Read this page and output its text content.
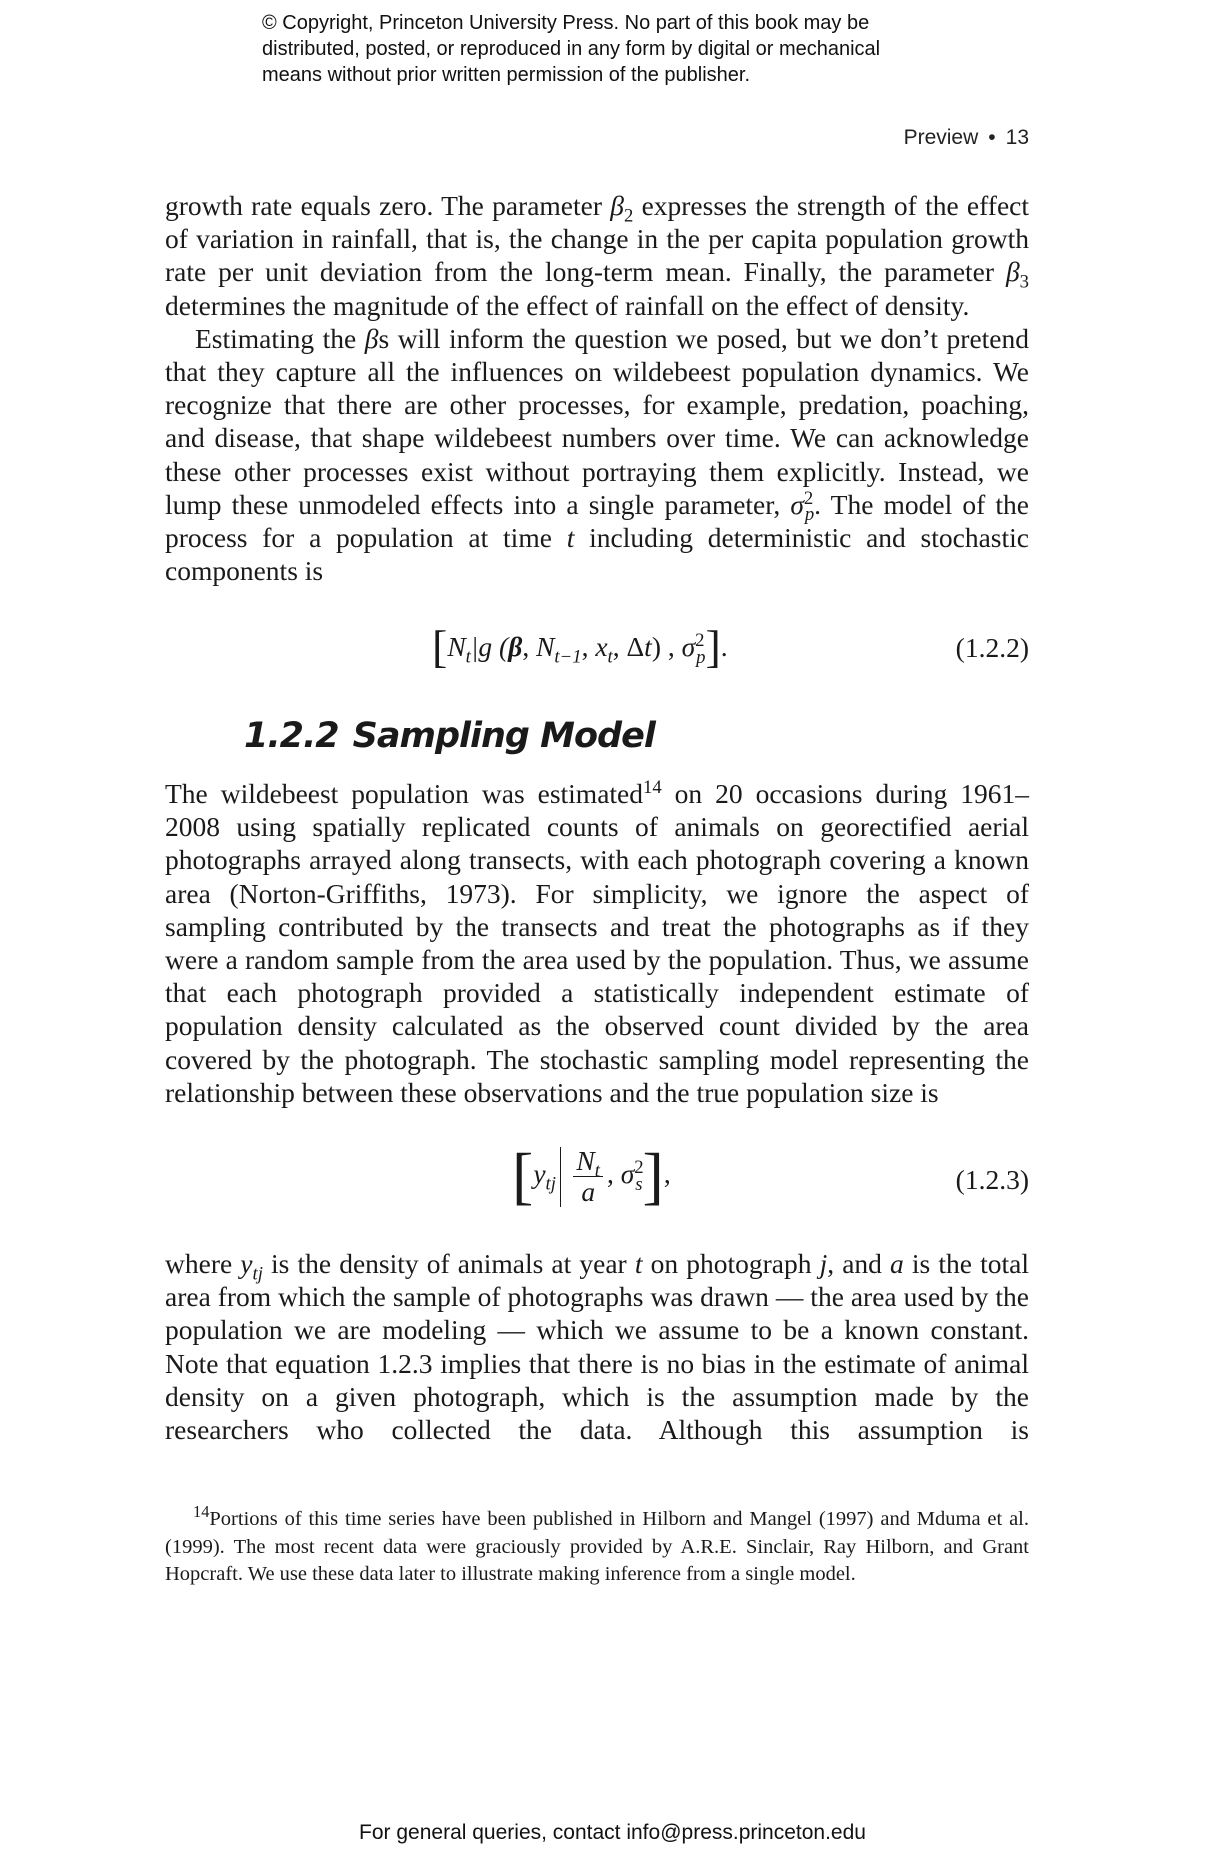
© Copyright, Princeton University Press. No part of this book may be
distributed, posted, or reproduced in any form by digital or mechanical
means without prior written permission of the publisher.
Preview • 13

growth rate equals zero. The parameter $\beta_2$ expresses the strength of the effect of variation in rainfall, that is, the change in the per capita population growth rate per unit deviation from the long-term mean. Finally, the parameter $\beta_3$ determines the magnitude of the effect of rainfall on the effect of density.

Estimating the βs will inform the question we posed, but we don’t pretend that they capture all the influences on wildebeest population dynamics. We recognize that there are other processes, for example, predation, poaching, and disease, that shape wildebeest numbers over time. We can acknowledge these other processes exist without portraying them explicitly. Instead, we lump these unmodeled effects into a single parameter, $\sigma^2_p$. The model of the process for a population at time t including deterministic and stochastic components is

[$N_t|g$ (β, $N_{t-1}$, $x_t$, Δt) , $\sigma^2_p$].	(1.2.2)
1.2.2 Sampling Model

The wildebeest population was estimated$^{14}$ on 20 occasions during 1961–2008 using spatially replicated counts of animals on georectified aerial photographs arrayed along transects, with each photograph covering a known area (Norton-Griffiths, 1973). For simplicity, we ignore the aspect of sampling contributed by the transects and treat the photographs as if they were a random sample from the area used by the population. Thus, we assume that each photograph provided a statistically independent estimate of population density calculated as the observed count divided by the area covered by the photograph. The stochastic sampling model representing the relationship between these observations and the true population size is

[$y_{tj} \frac{N_t}{a}$ , $\sigma^2_s$],	(1.2.3)

where $y_{tj}$ is the density of animals at year t on photograph j, and a is the total area from which the sample of photographs was drawn — the area used by the population we are modeling — which we assume to be a known constant. Note that equation 1.2.3 implies that there is no bias in the estimate of animal density on a given photograph, which is the assumption made by the researchers who collected the data. Although this assumption is

$^{14}$Portions of this time series have been published in Hilborn and Mangel (1997) and Mduma et al. (1999). The most recent data were graciously provided by A.R.E. Sinclair, Ray Hilborn, and Grant Hopcraft. We use these data later to illustrate making inference from a single model.

For general queries, contact info@press.princeton.edu
